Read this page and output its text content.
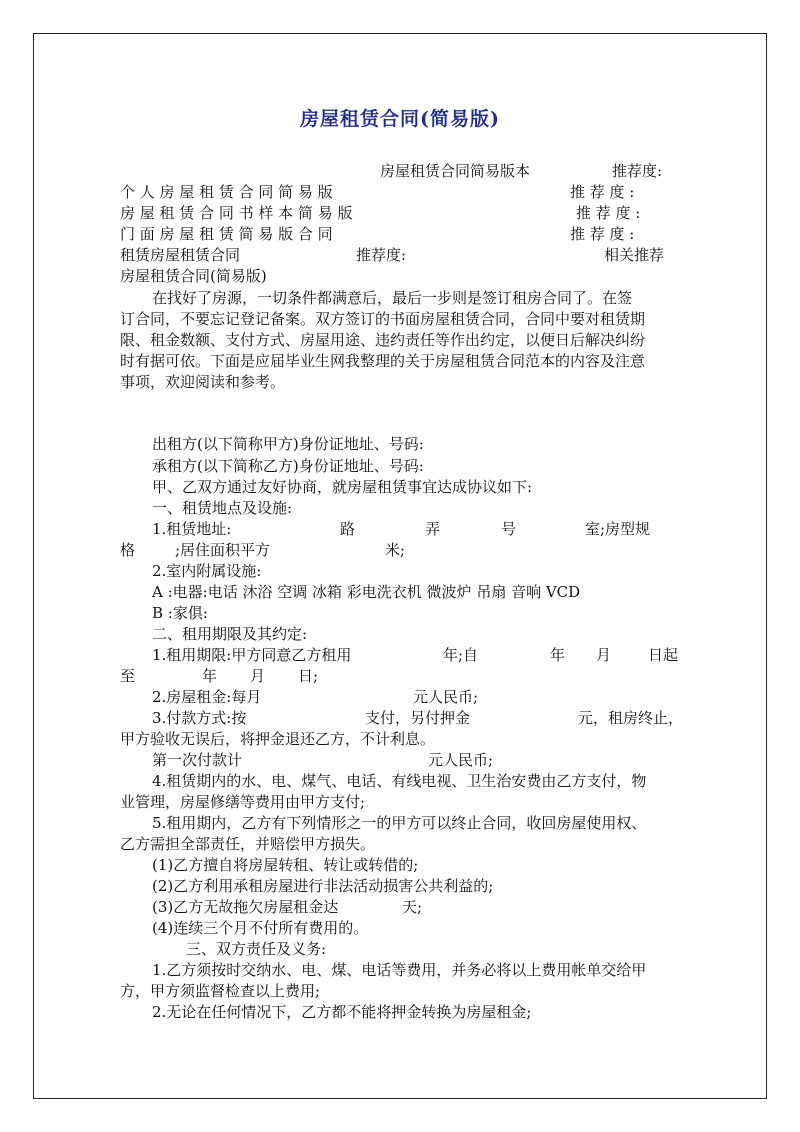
房屋租赁合同(简易版)
房屋租赁合同简易版本	推荐度:
个 人 房 屋 租 赁 合 同 简 易 版	推 荐 度 :
房 屋 租 赁 合 同 书 样 本 简 易 版	推 荐 度 :
门 面 房 屋 租 赁 简 易 版 合 同	推 荐 度 :
租赁房屋租赁合同	推荐度:	相关推荐
房屋租赁合同(简易版)
在找好了房源，一切条件都满意后，最后一步则是签订租房合同了。在签
订合同，不要忘记登记备案。双方签订的书面房屋租赁合同，合同中要对租赁期
限、租金数额、支付方式、房屋用途、违约责任等作出约定，以便日后解决纠纷
时有据可依。下面是应届毕业生网我整理的关于房屋租赁合同范本的内容及注意
事项，欢迎阅读和参考。
出租方(以下简称甲方)身份证地址、号码:
承租方(以下简称乙方)身份证地址、号码:
甲、乙双方通过友好协商，就房屋租赁事宜达成协议如下:
一、租赁地点及设施:
1.租赁地址:	路	弄	号	室;房型规
格	;居住面积平方	米;
2.室内附属设施:
A :电器:电话 沐浴 空调 冰箱 彩电洗衣机 微波炉 吊扇 音响 VCD
B :家俱:
二、租用期限及其约定:
1.租用期限:甲方同意乙方租用	年;自	年 月 日起
至	年 月 日;
2.房屋租金:每月	元人民币;
3.付款方式:按	支付，另付押金	元，租房终止，
甲方验收无误后，将押金退还乙方，不计利息。
第一次付款计	元人民币;
4.租赁期内的水、电、煤气、电话、有线电视、卫生治安费由乙方支付，物
业管理，房屋修缮等费用由甲方支付;
5.租用期内，乙方有下列情形之一的甲方可以终止合同，收回房屋使用权、
乙方需担全部责任，并赔偿甲方损失。
(1)乙方擅自将房屋转租、转让或转借的;
(2)乙方利用承租房屋进行非法活动损害公共利益的;
(3)乙方无故拖欠房屋租金达	天;
(4)连续三个月不付所有费用的。
三、双方责任及义务:
1.乙方须按时交纳水、电、煤、电话等费用，并务必将以上费用帐单交给甲
方，甲方须监督检查以上费用;
2.无论在任何情况下，乙方都不能将押金转换为房屋租金;
